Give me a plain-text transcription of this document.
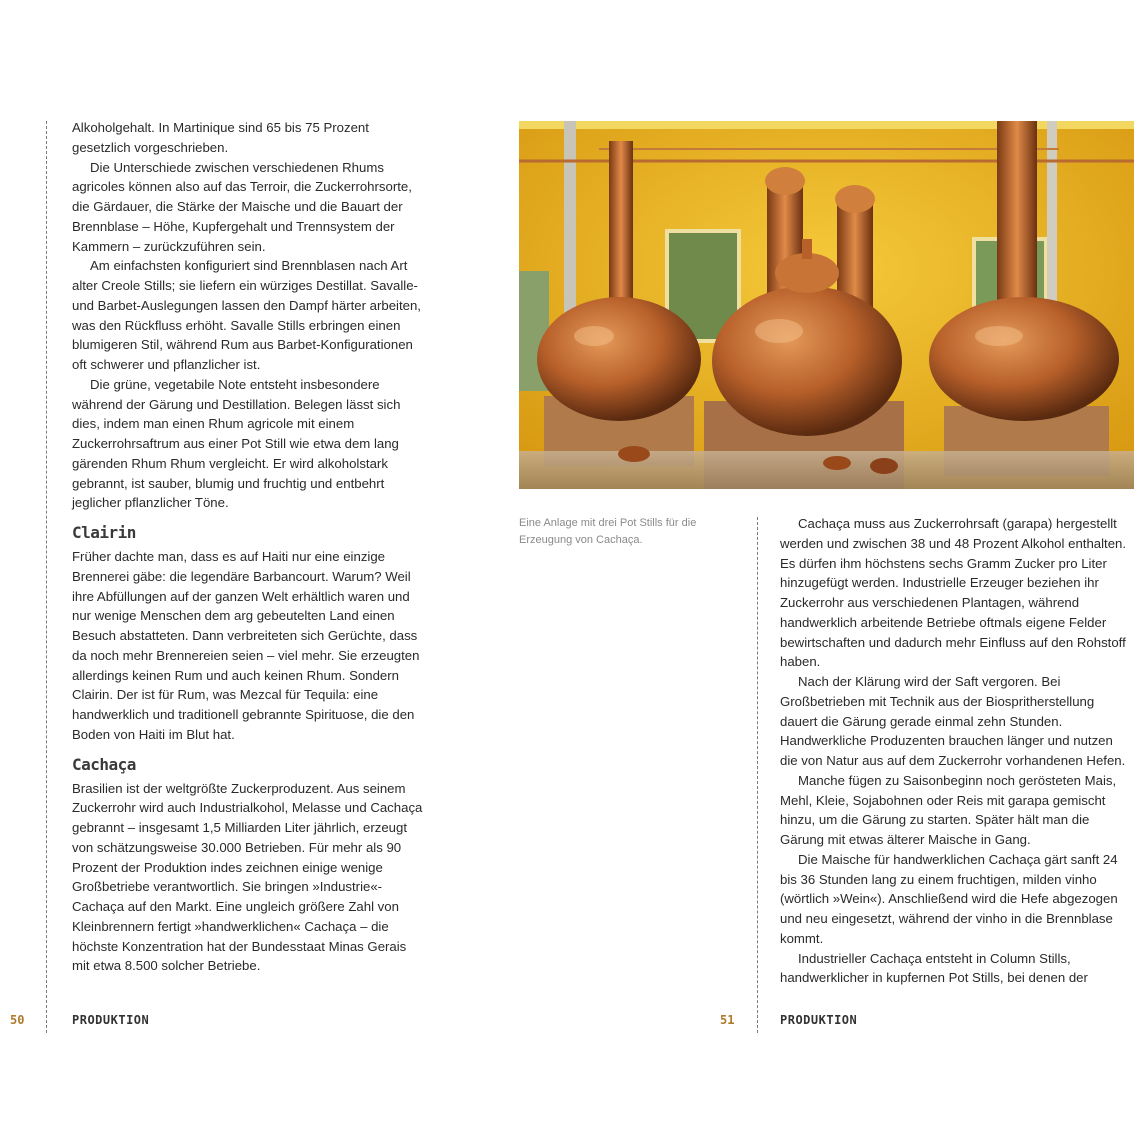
Alkoholgehalt. In Martinique sind 65 bis 75 Prozent gesetzlich vorgeschrieben.

Die Unterschiede zwischen verschiedenen Rhums agricoles können also auf das Terroir, die Zuckerrohrsorte, die Gärdauer, die Stärke der Maische und die Bauart der Brennblase – Höhe, Kupfergehalt und Trennsystem der Kammern – zurückzuführen sein.

Am einfachsten konfiguriert sind Brennblasen nach Art alter Creole Stills; sie liefern ein würziges Destillat. Savalle- und Barbet-Auslegungen lassen den Dampf härter arbeiten, was den Rückfluss erhöht. Savalle Stills erbringen einen blumigeren Stil, während Rum aus Barbet-Konfigurationen oft schwerer und pflanzlicher ist.

Die grüne, vegetabile Note entsteht insbesondere während der Gärung und Destillation. Belegen lässt sich dies, indem man einen Rhum agricole mit einem Zuckerrohrsaftrum aus einer Pot Still wie etwa dem lang gärenden Rhum Rhum vergleicht. Er wird alkoholstark gebrannt, ist sauber, blumig und fruchtig und entbehrt jeglicher pflanzlicher Töne.

Clairin

Früher dachte man, dass es auf Haiti nur eine einzige Brennerei gäbe: die legendäre Barbancourt. Warum? Weil ihre Abfüllungen auf der ganzen Welt erhältlich waren und nur wenige Menschen dem arg gebeutelten Land einen Besuch abstatteten. Dann verbreiteten sich Gerüchte, dass da noch mehr Brennereien seien – viel mehr. Sie erzeugten allerdings keinen Rum und auch keinen Rhum. Sondern Clairin. Der ist für Rum, was Mezcal für Tequila: eine handwerklich und traditionell gebrannte Spirituose, die den Boden von Haiti im Blut hat.

Cachaça

Brasilien ist der weltgrößte Zuckerproduzent. Aus seinem Zuckerrohr wird auch Industrialkohol, Melasse und Cachaça gebrannt – insgesamt 1,5 Milliarden Liter jährlich, erzeugt von schätzungsweise 30.000 Betrieben. Für mehr als 90 Prozent der Produktion indes zeichnen einige wenige Großbetriebe verantwortlich. Sie bringen »Industrie«-Cachaça auf den Markt. Eine ungleich größere Zahl von Kleinbrennern fertigt »handwerklichen« Cachaça – die höchste Konzentration hat der Bundesstaat Minas Gerais mit etwa 8.500 solcher Betriebe.

50	PRODUKTION
Eine Anlage mit drei Pot Stills für die Erzeugung von Cachaça.

Cachaça muss aus Zuckerrohrsaft (garapa) hergestellt werden und zwischen 38 und 48 Prozent Alkohol enthalten. Es dürfen ihm höchstens sechs Gramm Zucker pro Liter hinzugefügt werden. Industrielle Erzeuger beziehen ihr Zuckerrohr aus verschiedenen Plantagen, während handwerklich arbeitende Betriebe oftmals eigene Felder bewirtschaften und dadurch mehr Einfluss auf den Rohstoff haben.

Nach der Klärung wird der Saft vergoren. Bei Großbetrieben mit Technik aus der Biospritherstellung dauert die Gärung gerade einmal zehn Stunden. Handwerkliche Produzenten brauchen länger und nutzen die von Natur aus auf dem Zuckerrohr vorhandenen Hefen.

Manche fügen zu Saisonbeginn noch gerösteten Mais, Mehl, Kleie, Sojabohnen oder Reis mit garapa gemischt hinzu, um die Gärung zu starten. Später hält man die Gärung mit etwas älterer Maische in Gang.

Die Maische für handwerklichen Cachaça gärt sanft 24 bis 36 Stunden lang zu einem fruchtigen, milden vinho (wörtlich »Wein«). Anschließend wird die Hefe abgezogen und neu eingesetzt, während der vinho in die Brennblase kommt.

Industrieller Cachaça entsteht in Column Stills, handwerklicher in kupfernen Pot Stills, bei denen der

51	PRODUKTION
